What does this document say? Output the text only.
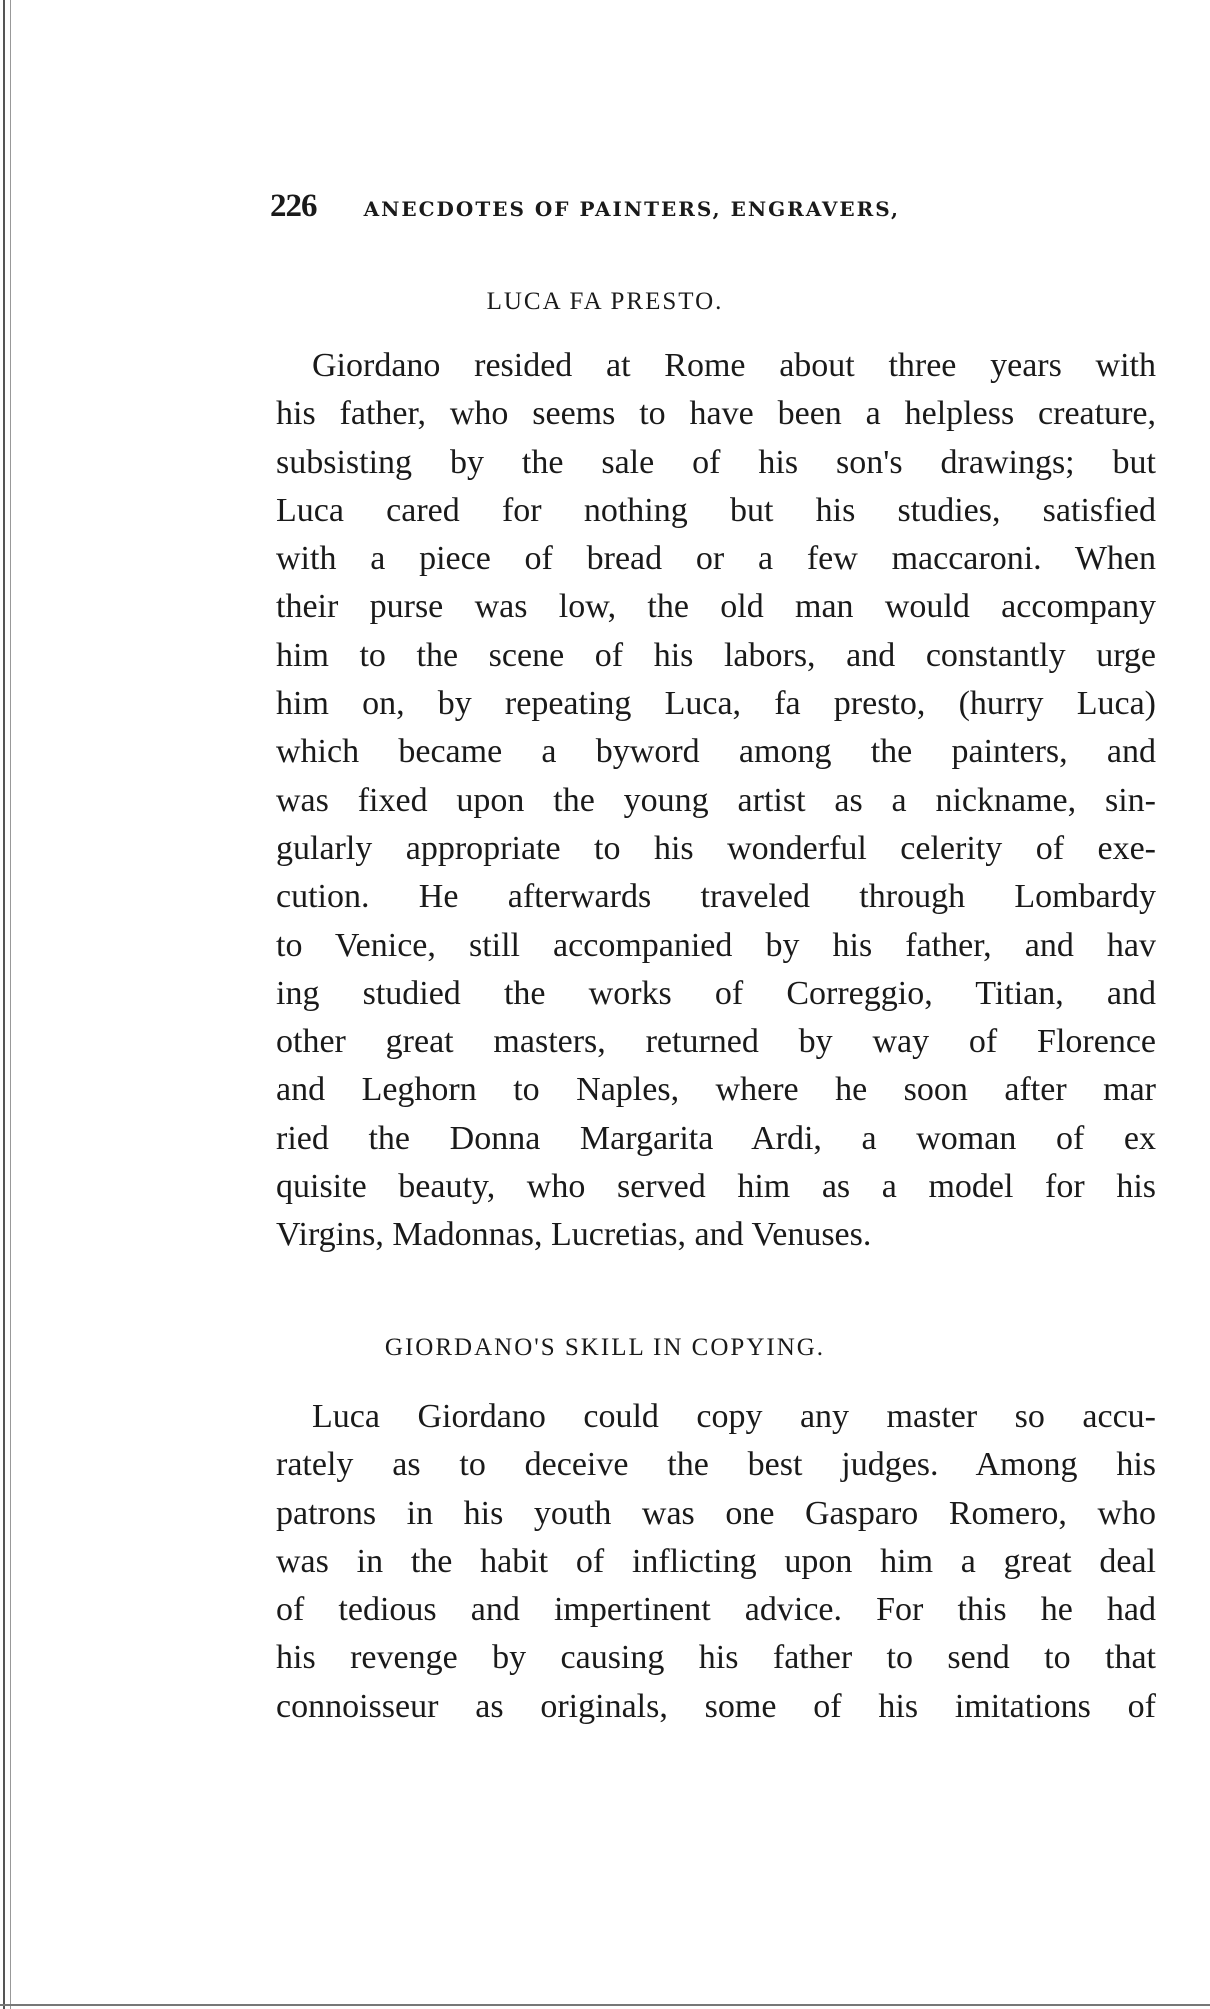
226 ANECDOTES OF PAINTERS, ENGRAVERS,
LUCA FA PRESTO.
Giordano resided at Rome about three years with
his father, who seems to have been a helpless creature,
subsisting by the sale of his son's drawings; but
Luca cared for nothing but his studies, satisfied
with a piece of bread or a few maccaroni. When
their purse was low, the old man would accompany
him to the scene of his labors, and constantly urge
him on, by repeating Luca, fa presto, (hurry Luca)
which became a byword among the painters, and
was fixed upon the young artist as a nickname, sin-
gularly appropriate to his wonderful celerity of exe-
cution. He afterwards traveled through Lombardy
to Venice, still accompanied by his father, and hav
ing studied the works of Correggio, Titian, and
other great masters, returned by way of Florence
and Leghorn to Naples, where he soon after mar
ried the Donna Margarita Ardi, a woman of ex
quisite beauty, who served him as a model for his
Virgins, Madonnas, Lucretias, and Venuses.
GIORDANO'S SKILL IN COPYING.
Luca Giordano could copy any master so accu-
rately as to deceive the best judges. Among his
patrons in his youth was one Gasparo Romero, who
was in the habit of inflicting upon him a great deal
of tedious and impertinent advice. For this he had
his revenge by causing his father to send to that
connoisseur as originals, some of his imitations of
